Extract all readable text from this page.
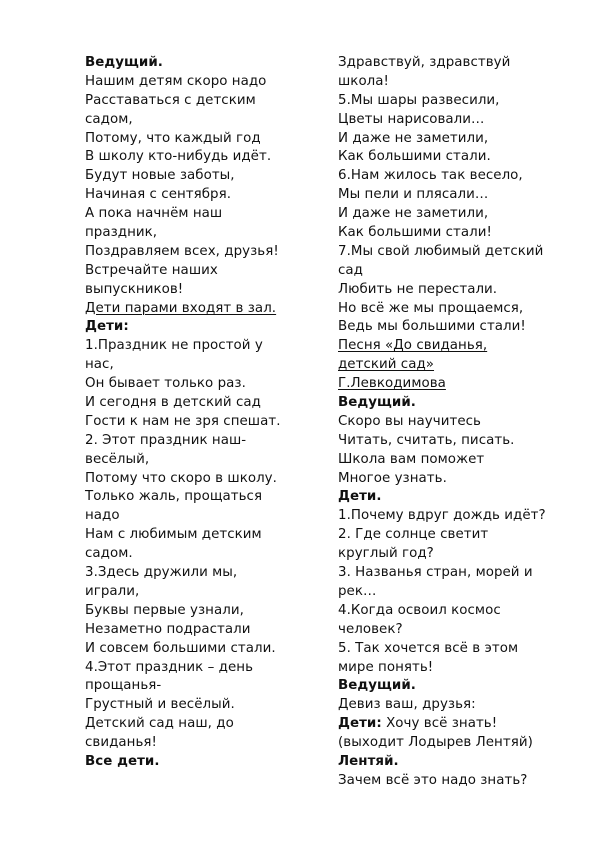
Ведущий.
Нашим детям скоро надо
Расставаться с детским
садом,
Потому, что каждый год
В школу кто-нибудь идёт.
Будут новые заботы,
Начиная с сентября.
А пока начнём наш
праздник,
Поздравляем всех, друзья!
Встречайте наших
выпускников!
Дети парами входят в зал.
Дети:
1.Праздник не простой у
нас,
Он бывает только раз.
И сегодня в детский сад
Гости к нам не зря спешат.
2. Этот праздник наш-
весёлый,
Потому что скоро в школу.
Только жаль, прощаться
надо
Нам с любимым детским
садом.
3.Здесь дружили мы,
играли,
Буквы первые узнали,
Незаметно подрастали
И совсем большими стали.
4.Этот праздник – день
прощанья-
Грустный и весёлый.
Детский сад наш, до
свиданья!
Все дети.
Здравствуй, здравствуй
школа!
5.Мы шары развесили,
Цветы нарисовали…
И даже не заметили,
Как большими стали.
6.Нам жилось так весело,
Мы пели и плясали…
И даже не заметили,
Как большими стали!
7.Мы свой любимый детский
сад
Любить не перестали.
Но всё же мы прощаемся,
Ведь мы большими стали!
Песня «До свиданья,
детский сад»
Г.Левкодимова
Ведущий.
Скоро вы научитесь
Читать, считать, писать.
Школа вам поможет
Многое узнать.
Дети.
1.Почему вдруг дождь идёт?
2. Где солнце светит
круглый год?
3. Названья стран, морей и
рек…
4.Когда освоил космос
человек?
5. Так хочется всё в этом
мире понять!
Ведущий.
Девиз ваш, друзья:
Дети: Хочу всё знать!
(выходит Лодырев Лентяй)
Лентяй.
Зачем всё это надо знать?
